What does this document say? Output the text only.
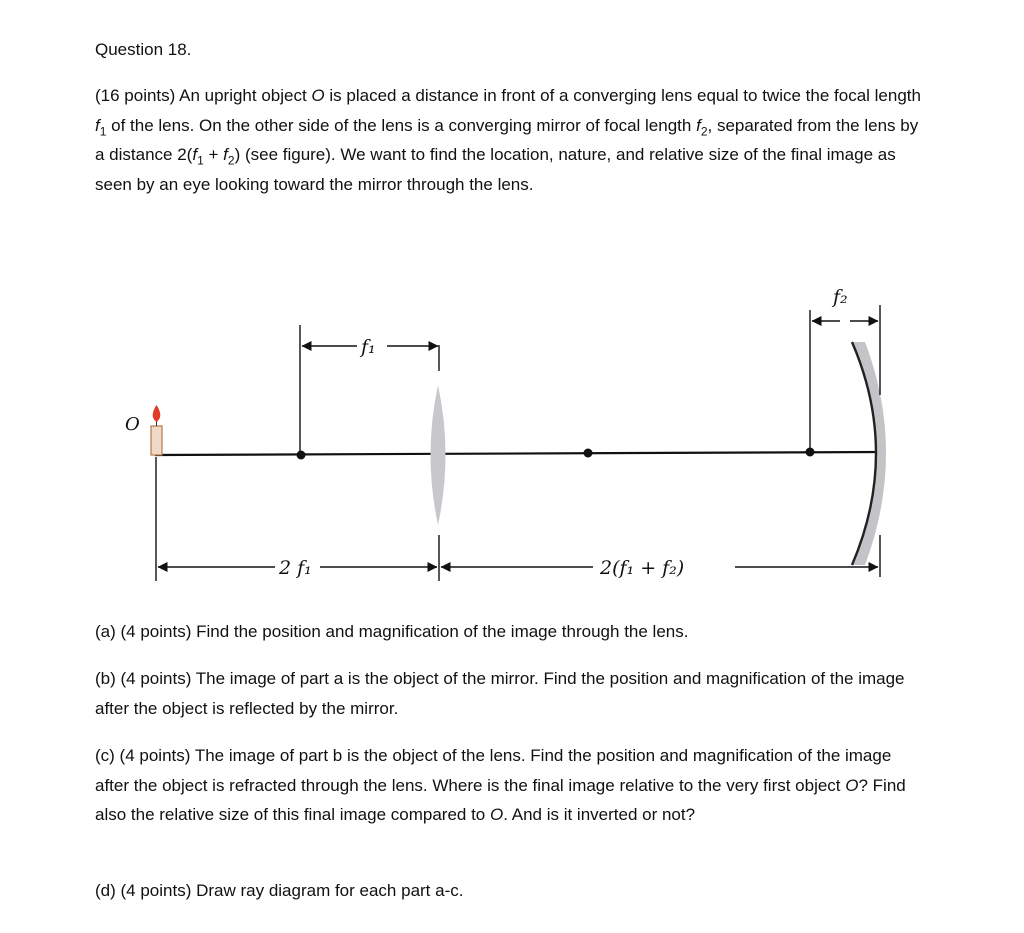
Question 18.

(16 points) An upright object O is placed a distance in front of a converging lens equal to twice the focal length $f_1$ of the lens. On the other side of the lens is a converging mirror of focal length $f_2$, separated from the lens by a distance $2(f_1 + f_2)$ (see figure). We want to find the location, nature, and relative size of the final image as seen by an eye looking toward the mirror through the lens.

O
f₁
f₂
2 f₁	2(f₁ + f₂)

(a) (4 points) Find the position and magnification of the image through the lens.

(b) (4 points) The image of part a is the object of the mirror. Find the position and magnification of the image after the object is reflected by the mirror.

(c) (4 points) The image of part b is the object of the lens. Find the position and magnification of the image after the object is refracted through the lens. Where is the final image relative to the very first object O? Find also the relative size of this final image compared to O. And is it inverted or not?

(d) (4 points) Draw ray diagram for each part a-c.
